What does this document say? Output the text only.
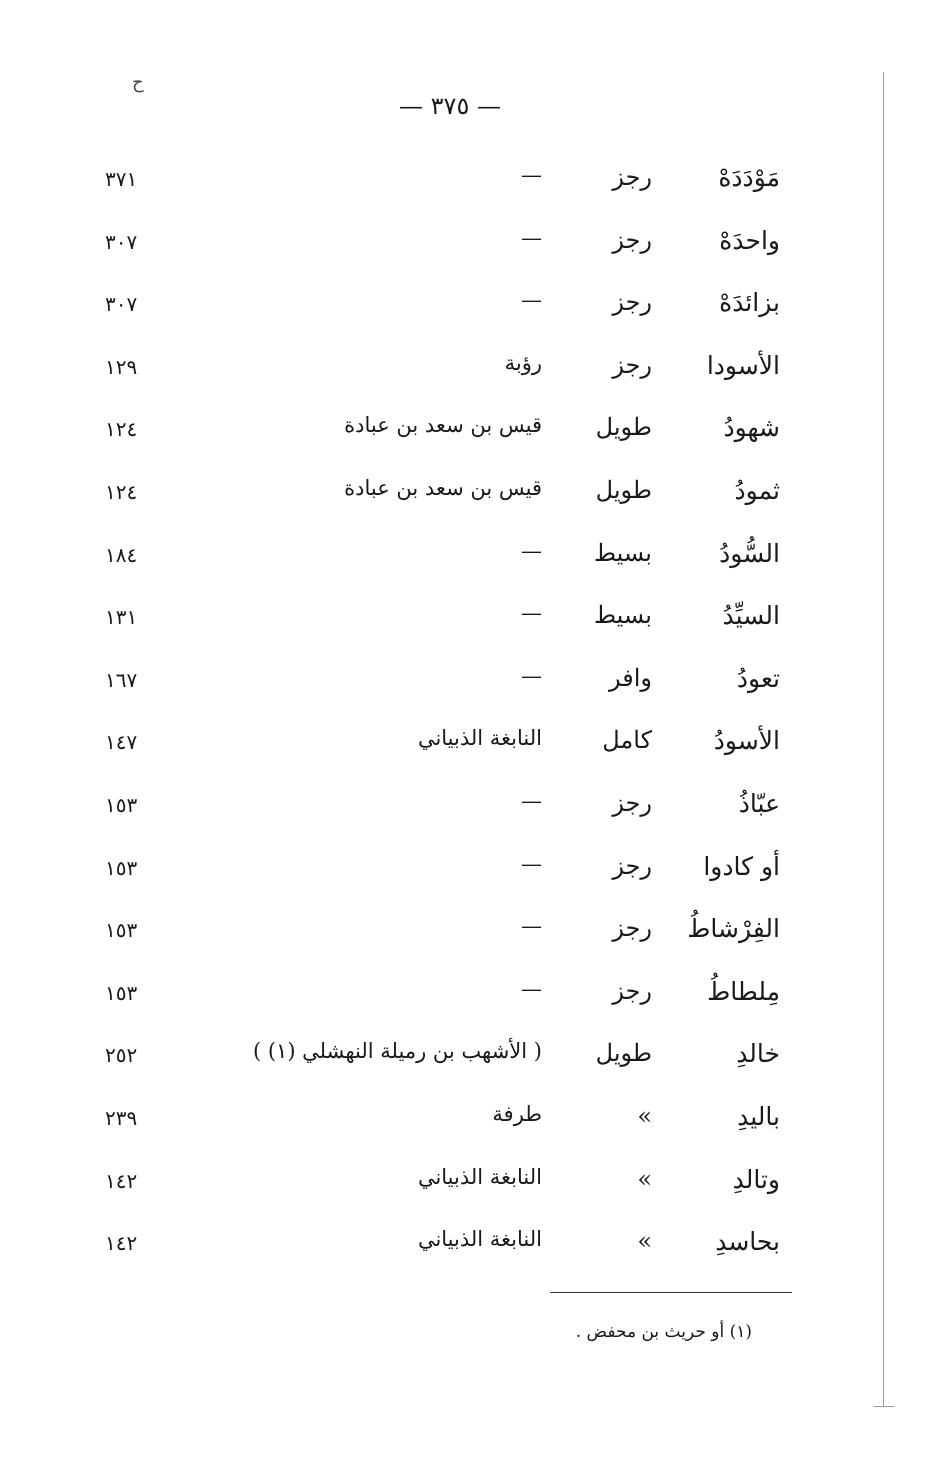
ح
— ٣٧٥ —
مَوْدَدَهْ
رجز
—
٣٧١
واحدَهْ
رجز
—
٣٠٧
بزائدَهْ
رجز
—
٣٠٧
الأسودا
رجز
رؤبة
١٢٩
شهودُ
طويل
قيس بن سعد بن عبادة
١٢٤
ثمودُ
طويل
قيس بن سعد بن عبادة
١٢٤
السُّودُ
بسيط
—
١٨٤
السيِّدُ
بسيط
—
١٣١
تعودُ
وافر
—
١٦٧
الأسودُ
كامل
النابغة الذبياني
١٤٧
عبّاذُ
رجز
—
١٥٣
أو كادوا
رجز
—
١٥٣
الفِرْشاطُ
رجز
—
١٥٣
مِلطاطُ
رجز
—
١٥٣
خالدِ
طويل
( الأشهب بن رميلة النهشلي (١) )
٢٥٢
باليدِ
»
طرفة
٢٣٩
وتالدِ
»
النابغة الذبياني
١٤٢
بحاسدِ
»
النابغة الذبياني
١٤٢
(١) أو حريث بن محفض .
